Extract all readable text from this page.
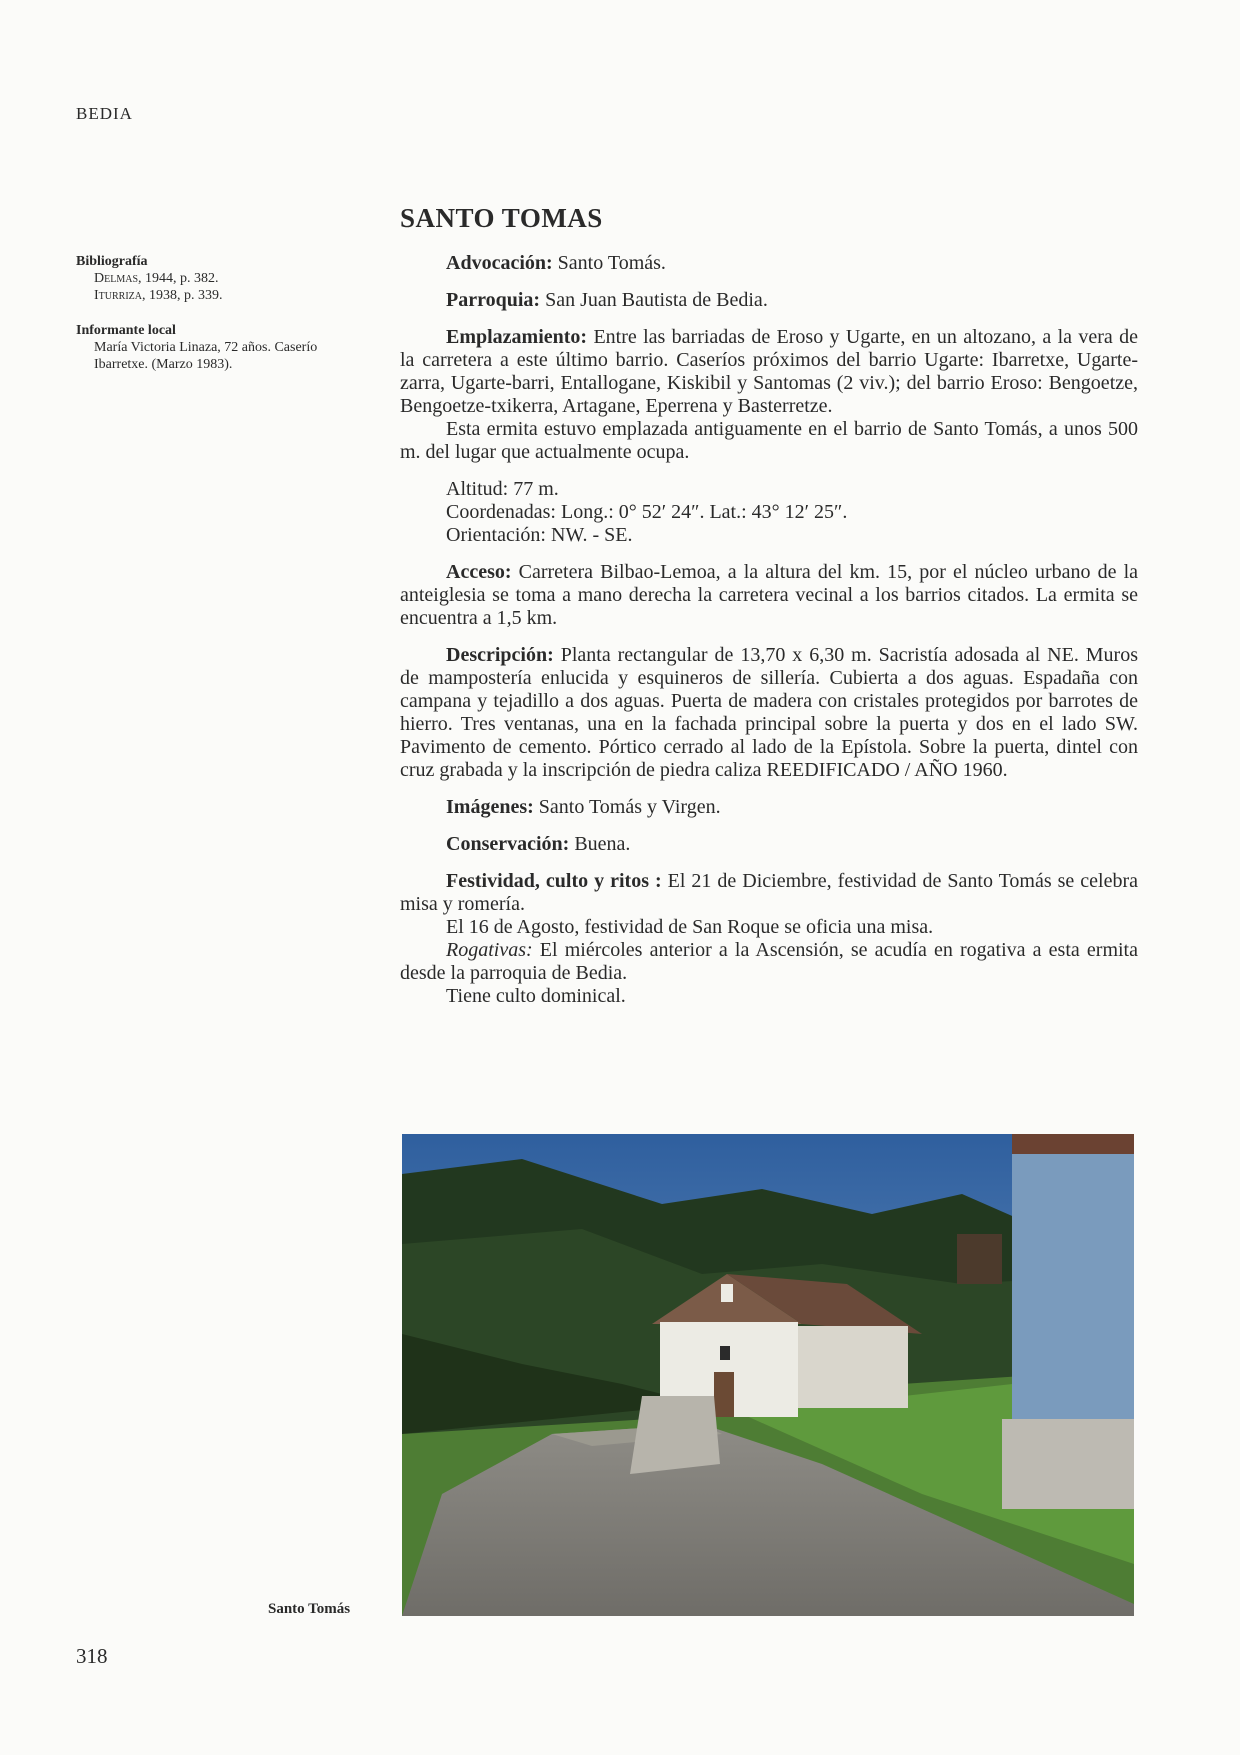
BEDIA
SANTO TOMAS
Bibliografía
Delmas, 1944, p. 382.
Iturriza, 1938, p. 339.
Informante local
María Victoria Linaza, 72 años. Caserío
Ibarretxe. (Marzo 1983).

Advocación: Santo Tomás.

Parroquia: San Juan Bautista de Bedia.

Emplazamiento: Entre las barriadas de Eroso y Ugarte, en un altozano, a la vera de la carretera a este último barrio. Caseríos próximos del barrio Ugarte: Ibarretxe, Ugarte-zarra, Ugarte-barri, Entallogane, Kiskibil y Santomas (2 viv.); del barrio Eroso: Bengoetze, Bengoetze-txikerra, Artagane, Eperrena y Basterretze.

Esta ermita estuvo emplazada antiguamente en el barrio de Santo Tomás, a unos 500 m. del lugar que actualmente ocupa.

Altitud: 77 m.
Coordenadas: Long.: 0° 52′ 24″. Lat.: 43° 12′ 25″.
Orientación: NW. - SE.

Acceso: Carretera Bilbao-Lemoa, a la altura del km. 15, por el núcleo urbano de la anteiglesia se toma a mano derecha la carretera vecinal a los barrios citados. La ermita se encuentra a 1,5 km.

Descripción: Planta rectangular de 13,70 x 6,30 m. Sacristía adosada al NE. Muros de mampostería enlucida y esquineros de sillería. Cubierta a dos aguas. Espadaña con campana y tejadillo a dos aguas. Puerta de madera con cristales protegidos por barrotes de hierro. Tres ventanas, una en la fachada principal sobre la puerta y dos en el lado SW. Pavimento de cemento. Pórtico cerrado al lado de la Epístola. Sobre la puerta, dintel con cruz grabada y la inscripción de piedra caliza REEDIFICADO / AÑO 1960.

Imágenes: Santo Tomás y Virgen.

Conservación: Buena.

Festividad, culto y ritos : El 21 de Diciembre, festividad de Santo Tomás se celebra misa y romería.

El 16 de Agosto, festividad de San Roque se oficia una misa.

Rogativas: El miércoles anterior a la Ascensión, se acudía en rogativa a esta ermita desde la parroquia de Bedia.

Tiene culto dominical.

Santo Tomás
318
